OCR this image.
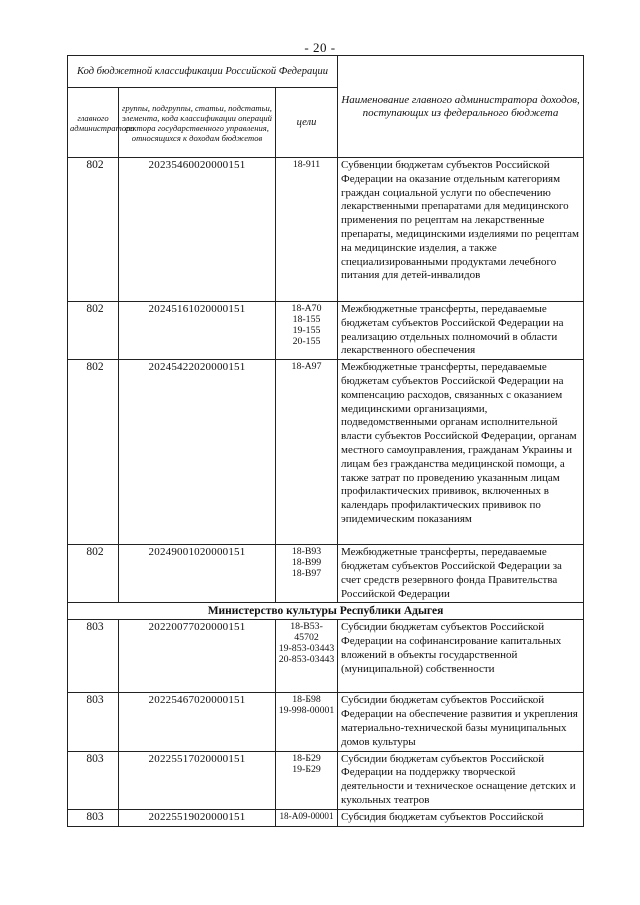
- 20 -
Код бюджетной классификации Российской Федерации			Наименование главного администратора доходов, поступающих из федерального бюджета
главного администратора	группы, подгруппы, статьи, подстатьи, элемента, кода классификации операций сектора государственного управления, относящихся к доходам бюджетов	цели	
802	20235460020000151	18-911	Субвенции бюджетам субъектов Российской Федерации на оказание отдельным категориям граждан социальной услуги по обеспечению лекарственными препаратами для медицинского применения по рецептам на лекарственные препараты, медицинскими изделиями по рецептам на медицинские изделия, а также специализированными продуктами лечебного питания для детей-инвалидов
802	20245161020000151	18-А70
18-155
19-155
20-155	Межбюджетные трансферты, передаваемые бюджетам субъектов Российской Федерации на реализацию отдельных полномочий в области лекарственного обеспечения
802	20245422020000151	18-А97	Межбюджетные трансферты, передаваемые бюджетам субъектов Российской Федерации на компенсацию расходов, связанных с оказанием медицинскими организациями, подведомственными органам исполнительной власти субъектов Российской Федерации, органам местного самоуправления, гражданам Украины и лицам без гражданства медицинской помощи, а также затрат по проведению указанным лицам профилактических прививок, включенных в календарь профилактических прививок по эпидемическим показаниям
802	20249001020000151	18-В93
18-В99
18-В97	Межбюджетные трансферты, передаваемые бюджетам субъектов Российской Федерации за счет средств резервного фонда Правительства Российской Федерации
Министерство культуры Республики Адыгея			
803	20220077020000151	18-В53-45702
19-853-03443
20-853-03443	Субсидии бюджетам субъектов Российской Федерации на софинансирование капитальных вложений в объекты государственной (муниципальной) собственности
803	20225467020000151	18-Б98
19-998-00001	Субсидии бюджетам субъектов Российской Федерации на обеспечение развития и укрепления материально-технической базы муниципальных домов культуры
803	20225517020000151	18-Б29
19-Б29	Субсидии бюджетам субъектов Российской Федерации на поддержку творческой деятельности и техническое оснащение детских и кукольных театров
803	20225519020000151	18-А09-00001	Субсидия бюджетам субъектов Российской
